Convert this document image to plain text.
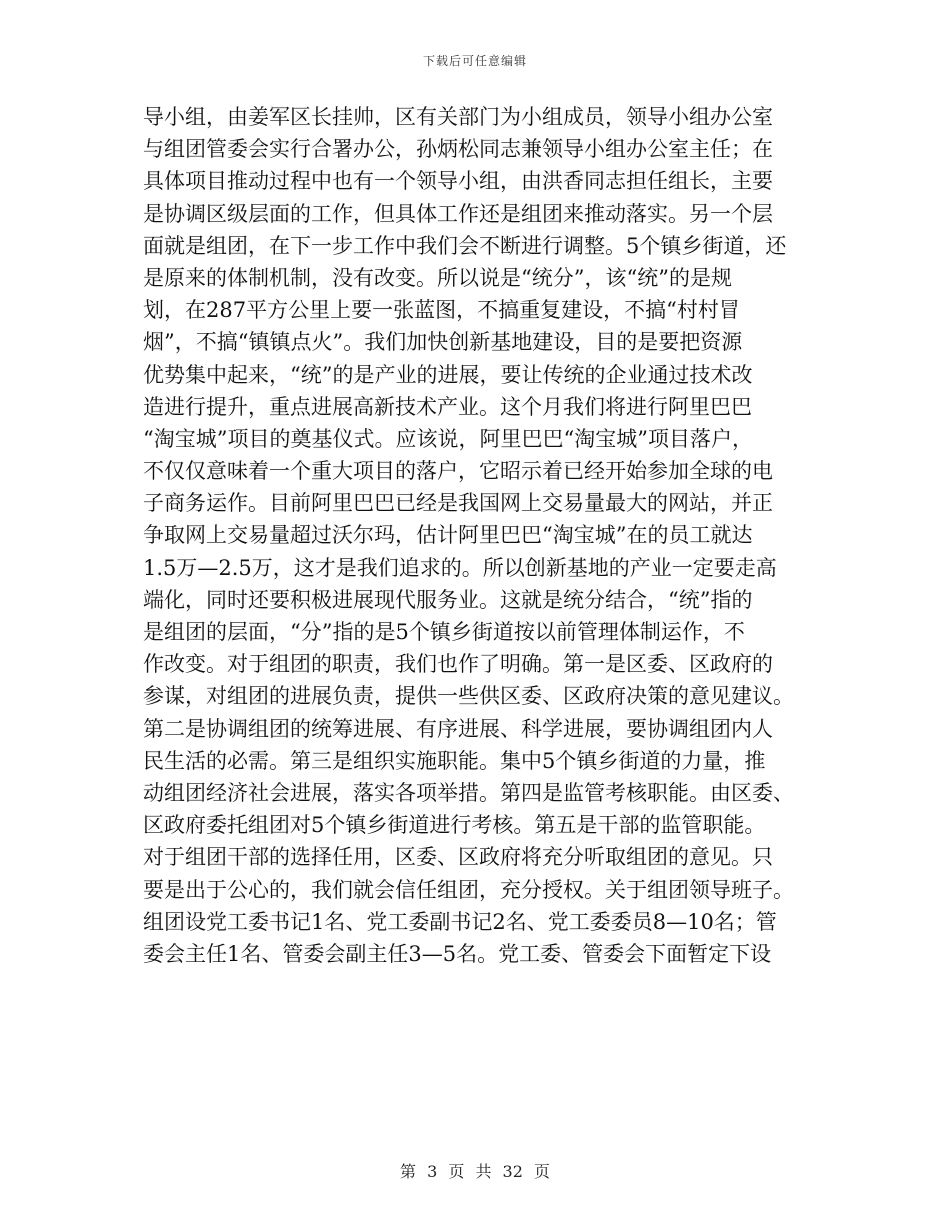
下载后可任意编辑
导小组，由姜军区长挂帅，区有关部门为小组成员，领导小组办公室
与组团管委会实行合署办公，孙炳松同志兼领导小组办公室主任；在
具体项目推动过程中也有一个领导小组，由洪香同志担任组长，主要
是协调区级层面的工作，但具体工作还是组团来推动落实。另一个层
面就是组团，在下一步工作中我们会不断进行调整。5个镇乡街道，还
是原来的体制机制，没有改变。所以说是“统分”，该“统”的是规
划，在287平方公里上要一张蓝图，不搞重复建设，不搞“村村冒
烟”，不搞“镇镇点火”。我们加快创新基地建设，目的是要把资源
优势集中起来，“统”的是产业的进展，要让传统的企业通过技术改
造进行提升，重点进展高新技术产业。这个月我们将进行阿里巴巴
“淘宝城”项目的奠基仪式。应该说，阿里巴巴“淘宝城”项目落户，
不仅仅意味着一个重大项目的落户，它昭示着已经开始参加全球的电
子商务运作。目前阿里巴巴已经是我国网上交易量最大的网站，并正
争取网上交易量超过沃尔玛，估计阿里巴巴“淘宝城”在的员工就达
1.5万—2.5万，这才是我们追求的。所以创新基地的产业一定要走高
端化，同时还要积极进展现代服务业。这就是统分结合，“统”指的
是组团的层面，“分”指的是5个镇乡街道按以前管理体制运作，不
作改变。对于组团的职责，我们也作了明确。第一是区委、区政府的
参谋，对组团的进展负责，提供一些供区委、区政府决策的意见建议。
第二是协调组团的统筹进展、有序进展、科学进展，要协调组团内人
民生活的必需。第三是组织实施职能。集中5个镇乡街道的力量，推
动组团经济社会进展，落实各项举措。第四是监管考核职能。由区委、
区政府委托组团对5个镇乡街道进行考核。第五是干部的监管职能。
对于组团干部的选择任用，区委、区政府将充分听取组团的意见。只
要是出于公心的，我们就会信任组团，充分授权。关于组团领导班子。
组团设党工委书记1名、党工委副书记2名、党工委委员8—10名；管
委会主任1名、管委会副主任3—5名。党工委、管委会下面暂定下设
第 3 页 共 32 页
